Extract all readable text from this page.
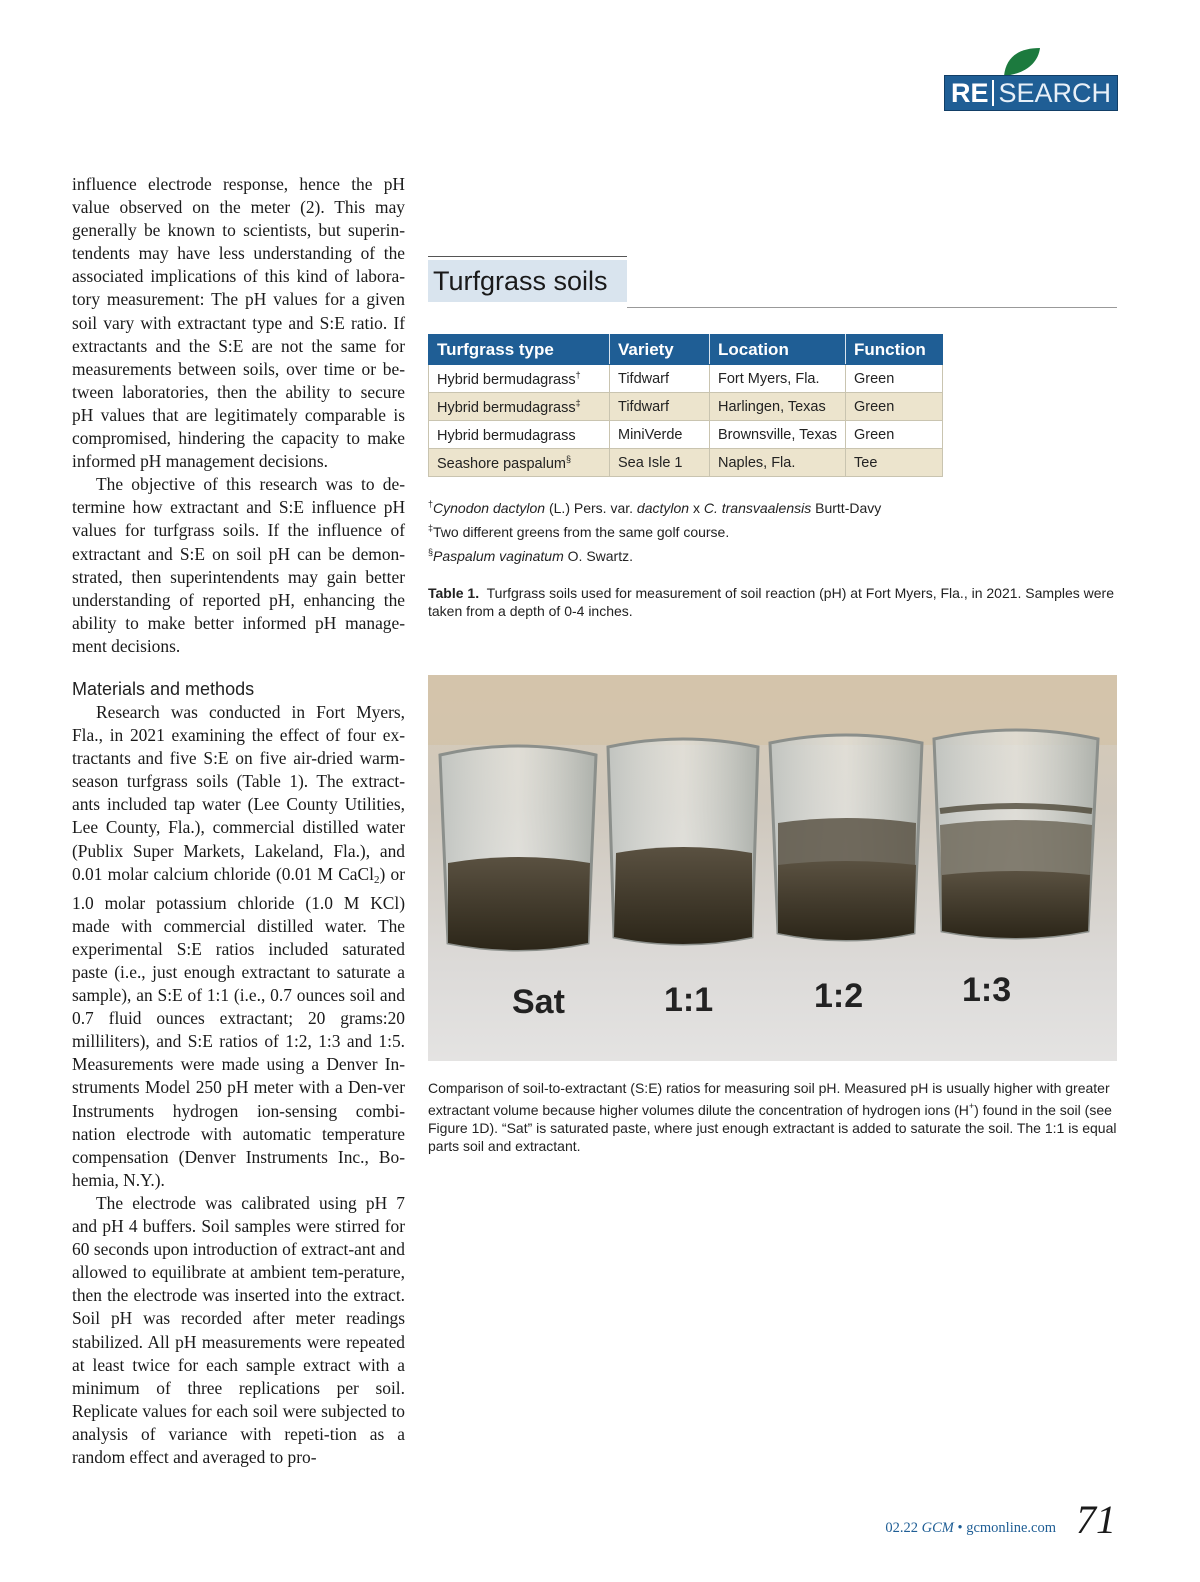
RE SEARCH

influence electrode response, hence the pH value observed on the meter (2). This may generally be known to scientists, but superin-tendents may have less understanding of the associated implications of this kind of labora-tory measurement: The pH values for a given soil vary with extractant type and S:E ratio. If extractants and the S:E are not the same for measurements between soils, over time or be-tween laboratories, then the ability to secure pH values that are legitimately comparable is compromised, hindering the capacity to make informed pH management decisions.

The objective of this research was to de-termine how extractant and S:E influence pH values for turfgrass soils. If the influence of extractant and S:E on soil pH can be demon-strated, then superintendents may gain better understanding of reported pH, enhancing the ability to make better informed pH manage-ment decisions.

Materials and methods

Research was conducted in Fort Myers, Fla., in 2021 examining the effect of four ex-tractants and five S:E on five air-dried warm-season turfgrass soils (Table 1). The extract-ants included tap water (Lee County Utilities, Lee County, Fla.), commercial distilled water (Publix Super Markets, Lakeland, Fla.), and 0.01 molar calcium chloride (0.01 M CaCl$_2$) or 1.0 molar potassium chloride (1.0 M KCl) made with commercial distilled water. The experimental S:E ratios included saturated paste (i.e., just enough extractant to saturate a sample), an S:E of 1:1 (i.e., 0.7 ounces soil and 0.7 fluid ounces extractant; 20 grams:20 milliliters), and S:E ratios of 1:2, 1:3 and 1:5. Measurements were made using a Denver In-struments Model 250 pH meter with a Den-ver Instruments hydrogen ion-sensing combi-nation electrode with automatic temperature compensation (Denver Instruments Inc., Bo-hemia, N.Y.).

The electrode was calibrated using pH 7 and pH 4 buffers. Soil samples were stirred for 60 seconds upon introduction of extract-ant and allowed to equilibrate at ambient tem-perature, then the electrode was inserted into the extract. Soil pH was recorded after meter readings stabilized. All pH measurements were repeated at least twice for each sample extract with a minimum of three replications per soil. Replicate values for each soil were subjected to analysis of variance with repeti-tion as a random effect and averaged to pro-

Turfgrass soils
Turfgrass type	Variety	Location	Function
Hybrid bermudagrass†	Tifdwarf	Fort Myers, Fla.	Green
Hybrid bermudagrass‡	Tifdwarf	Harlingen, Texas	Green
Hybrid bermudagrass	MiniVerde	Brownsville, Texas	Green
Seashore paspalum§	Sea Isle 1	Naples, Fla.	Tee
†Cynodon dactylon (L.) Pers. var. dactylon x C. transvaalensis Burtt-Davy
‡Two different greens from the same golf course.
§Paspalum vaginatum O. Swartz.
Table 1. Turfgrass soils used for measurement of soil reaction (pH) at Fort Myers, Fla., in 2021. Samples were taken from a depth of 0-4 inches.
Sat	1:1	1:2	1:3
Comparison of soil-to-extractant (S:E) ratios for measuring soil pH. Measured pH is usually higher with greater extractant volume because higher volumes dilute the concentration of hydrogen ions (H+) found in the soil (see Figure 1D). “Sat” is saturated paste, where just enough extractant is added to saturate the soil. The 1:1 is equal parts soil and extractant.
02.22 GCM • gcmonline.com 71
